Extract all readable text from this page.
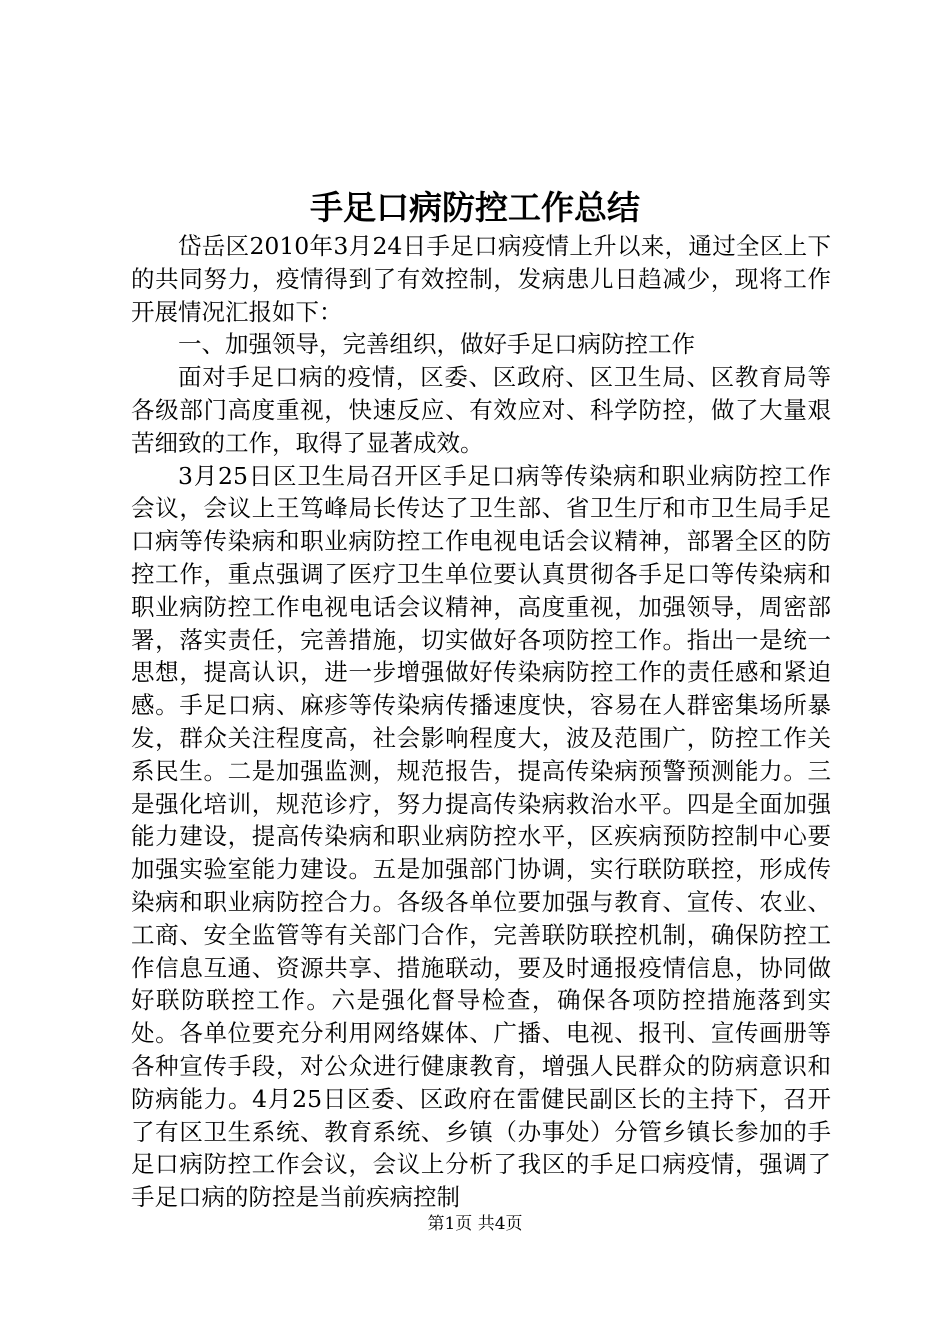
手足口病防控工作总结

岱岳区2010年3月24日手足口病疫情上升以来，通过全区上下的共同努力，疫情得到了有效控制，发病患儿日趋减少，现将工作开展情况汇报如下：

一、加强领导，完善组织，做好手足口病防控工作

面对手足口病的疫情，区委、区政府、区卫生局、区教育局等各级部门高度重视，快速反应、有效应对、科学防控，做了大量艰苦细致的工作，取得了显著成效。

3月25日区卫生局召开区手足口病等传染病和职业病防控工作会议，会议上王笃峰局长传达了卫生部、省卫生厅和市卫生局手足口病等传染病和职业病防控工作电视电话会议精神，部署全区的防控工作，重点强调了医疗卫生单位要认真贯彻各手足口等传染病和职业病防控工作电视电话会议精神，高度重视，加强领导，周密部署，落实责任，完善措施，切实做好各项防控工作。指出一是统一思想，提高认识，进一步增强做好传染病防控工作的责任感和紧迫感。手足口病、麻疹等传染病传播速度快，容易在人群密集场所暴发，群众关注程度高，社会影响程度大，波及范围广，防控工作关系民生。二是加强监测，规范报告，提高传染病预警预测能力。三是强化培训，规范诊疗，努力提高传染病救治水平。四是全面加强能力建设，提高传染病和职业病防控水平，区疾病预防控制中心要加强实验室能力建设。五是加强部门协调，实行联防联控，形成传染病和职业病防控合力。各级各单位要加强与教育、宣传、农业、工商、安全监管等有关部门合作，完善联防联控机制，确保防控工作信息互通、资源共享、措施联动，要及时通报疫情信息，协同做好联防联控工作。六是强化督导检查，确保各项防控措施落到实处。各单位要充分利用网络媒体、广播、电视、报刊、宣传画册等各种宣传手段，对公众进行健康教育，增强人民群众的防病意识和防病能力。4月25日区委、区政府在雷健民副区长的主持下，召开了有区卫生系统、教育系统、乡镇（办事处）分管乡镇长参加的手足口病防控工作会议，会议上分析了我区的手足口病疫情，强调了手足口病的防控是当前疾病控制

第1页 共4页
